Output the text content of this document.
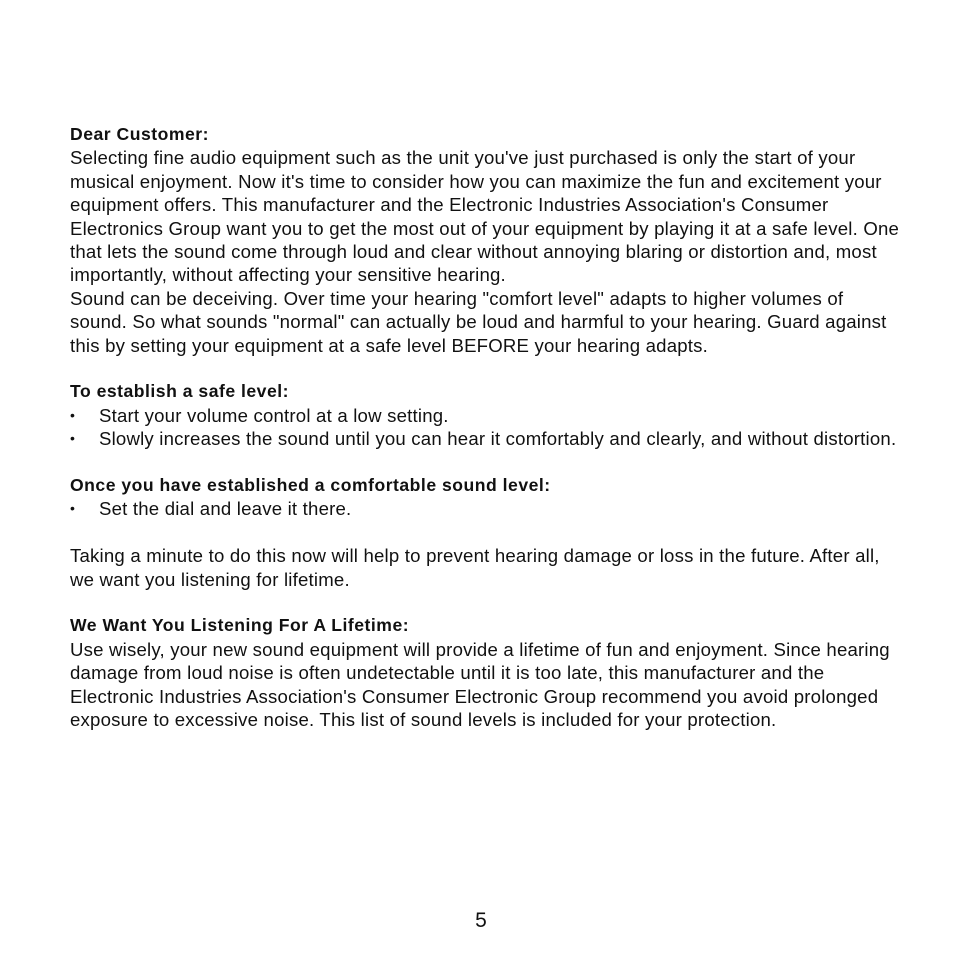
Dear Customer:

Selecting fine audio equipment such as the unit you've just purchased is only the start of your musical enjoyment. Now it's time to consider how you can maximize the fun and excitement your equipment offers. This manufacturer and the Electronic Industries Association's Consumer Electronics Group want you to get the most out of your equipment by playing it at a safe level. One that lets the sound come through loud and clear without annoying blaring or distortion and, most importantly, without affecting your sensitive hearing.

Sound can be deceiving. Over time your hearing "comfort level" adapts to higher volumes of sound. So what sounds "normal" can actually be loud and harmful to your hearing. Guard against this by setting your equipment at a safe level BEFORE your hearing adapts.

To establish a safe level:

• Start your volume control at a low setting.
• Slowly increases the sound until you can hear it comfortably and clearly, and without distortion.

Once you have established a comfortable sound level:

• Set the dial and leave it there.

Taking a minute to do this now will help to prevent hearing damage or loss in the future. After all, we want you listening for lifetime.

We Want You Listening For A Lifetime:

Use wisely, your new sound equipment will provide a lifetime of fun and enjoyment. Since hearing damage from loud noise is often undetectable until it is too late, this manufacturer and the Electronic Industries Association's Consumer Electronic Group recommend you avoid prolonged exposure to excessive noise. This list of sound levels is included for your protection.

5
